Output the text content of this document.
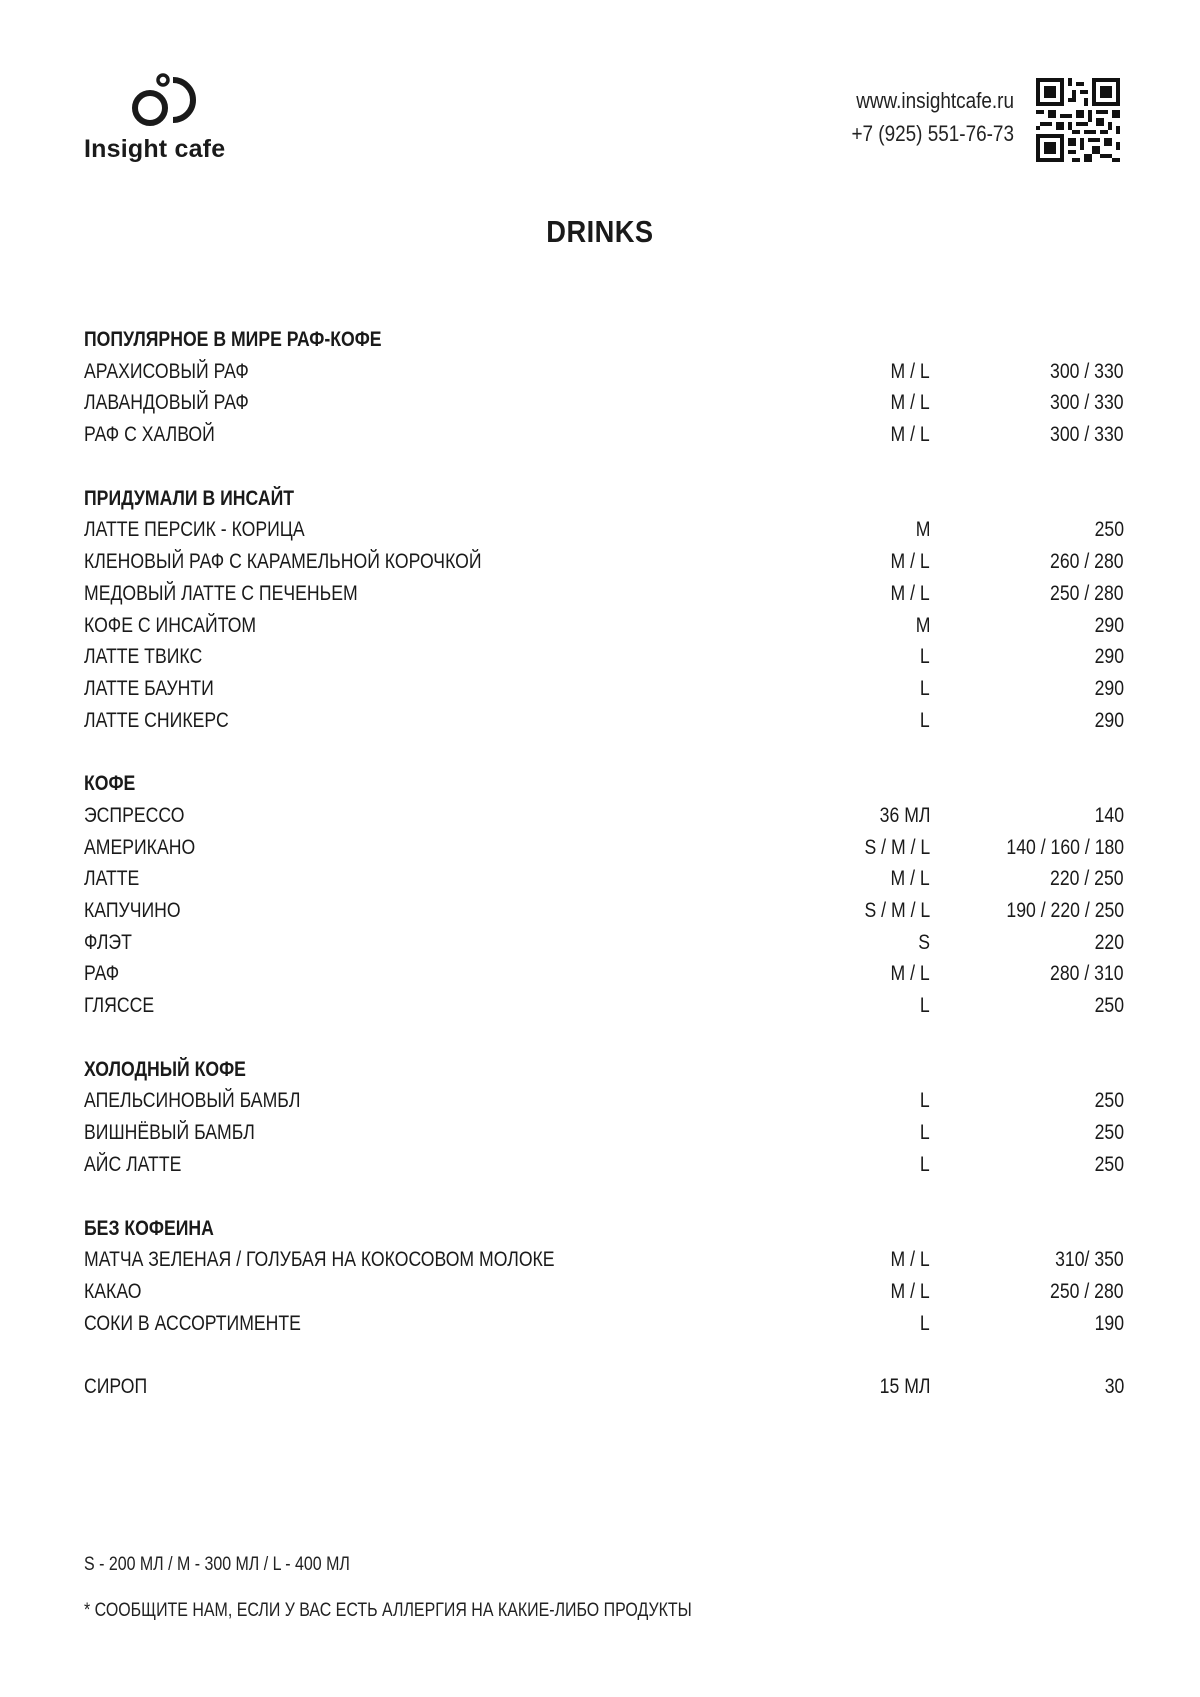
Insight cafe
www.insightcafe.ru
+7 (925) 551-76-73
DRINKS
ПОПУЛЯРНОЕ В МИРЕ РАФ-КОФЕ
АРАХИСОВЫЙ РАФ	M / L	300 / 330
ЛАВАНДОВЫЙ РАФ	M / L	300 / 330
РАФ С ХАЛВОЙ	M / L	300 / 330
ПРИДУМАЛИ В ИНСАЙТ
ЛАТТЕ ПЕРСИК - КОРИЦА	M	250
КЛЕНОВЫЙ РАФ С КАРАМЕЛЬНОЙ КОРОЧКОЙ	M / L	260 / 280
МЕДОВЫЙ ЛАТТЕ С ПЕЧЕНЬЕМ	M / L	250 / 280
КОФЕ С ИНСАЙТОМ	M	290
ЛАТТЕ ТВИКС	L	290
ЛАТТЕ БАУНТИ	L	290
ЛАТТЕ СНИКЕРС	L	290
КОФЕ
ЭСПРЕССО	36 МЛ	140
АМЕРИКАНО	S / M / L	140 / 160 / 180
ЛАТТЕ	M / L	220 / 250
КАПУЧИНО	S / M / L	190 / 220 / 250
ФЛЭТ	S	220
РАФ	M / L	280 / 310
ГЛЯССЕ	L	250
ХОЛОДНЫЙ КОФЕ
АПЕЛЬСИНОВЫЙ БАМБЛ	L	250
ВИШНЁВЫЙ БАМБЛ	L	250
АЙС ЛАТТЕ	L	250
БЕЗ КОФЕИНА
МАТЧА ЗЕЛЕНАЯ / ГОЛУБАЯ НА КОКОСОВОМ МОЛОКЕ	M / L	310/ 350
КАКАО	M / L	250 / 280
СОКИ В АССОРТИМЕНТЕ	L	190
СИРОП	15 МЛ	30
S - 200 МЛ / M - 300 МЛ / L - 400 МЛ
* СООБЩИТЕ НАМ, ЕСЛИ У ВАС ЕСТЬ АЛЛЕРГИЯ НА КАКИЕ-ЛИБО ПРОДУКТЫ
